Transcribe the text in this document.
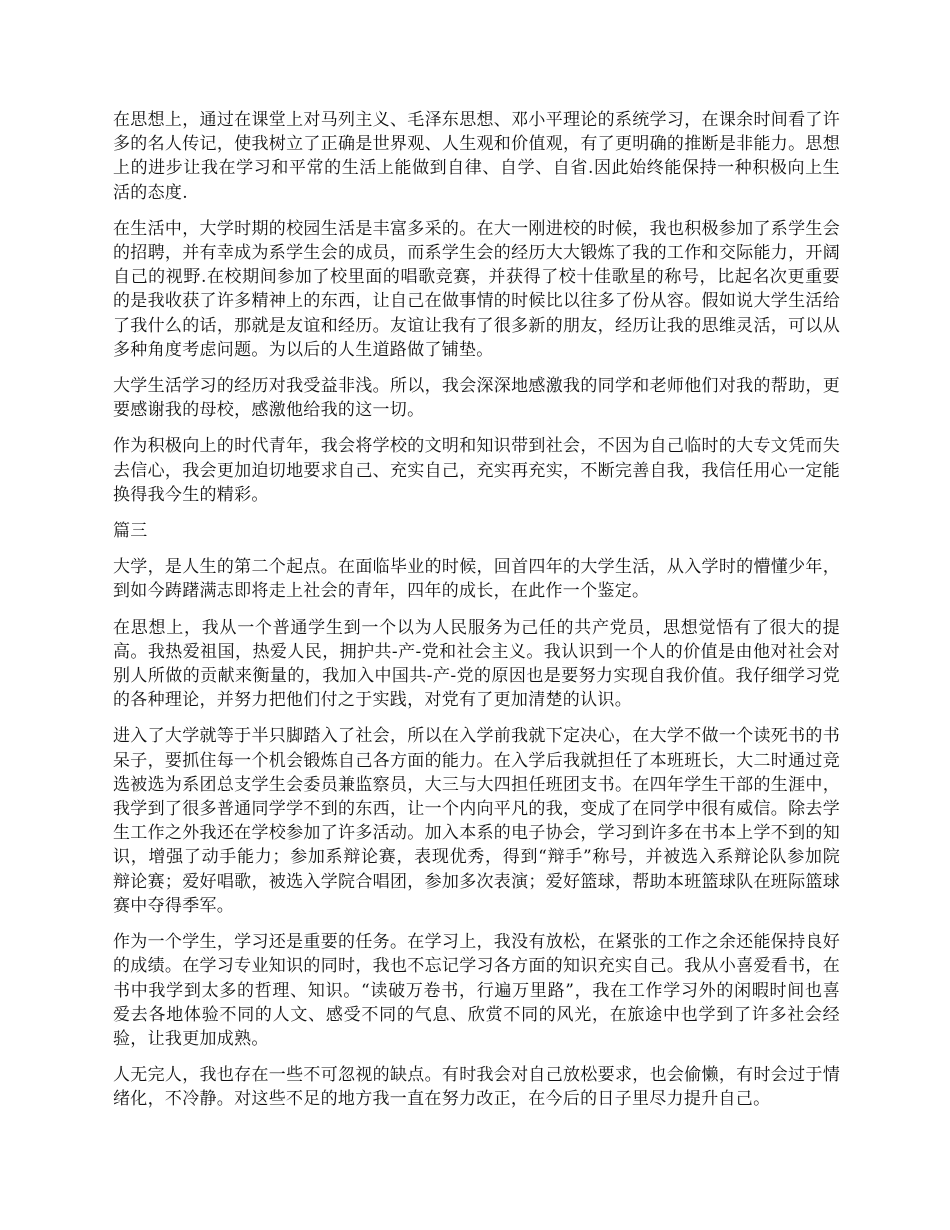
在思想上，通过在课堂上对马列主义、毛泽东思想、邓小平理论的系统学习，在课余时间看了许多的名人传记，使我树立了正确是世界观、人生观和价值观，有了更明确的推断是非能力。思想上的进步让我在学习和平常的生活上能做到自律、自学、自省.因此始终能保持一种积极向上生活的态度.

在生活中，大学时期的校园生活是丰富多采的。在大一刚进校的时候，我也积极参加了系学生会的招聘，并有幸成为系学生会的成员，而系学生会的经历大大锻炼了我的工作和交际能力，开阔自己的视野.在校期间参加了校里面的唱歌竞赛，并获得了校十佳歌星的称号，比起名次更重要的是我收获了许多精神上的东西，让自己在做事情的时候比以往多了份从容。假如说大学生活给了我什么的话，那就是友谊和经历。友谊让我有了很多新的朋友，经历让我的思维灵活，可以从多种角度考虑问题。为以后的人生道路做了铺垫。

大学生活学习的经历对我受益非浅。所以，我会深深地感激我的同学和老师他们对我的帮助，更要感谢我的母校，感激他给我的这一切。

作为积极向上的时代青年，我会将学校的文明和知识带到社会，不因为自己临时的大专文凭而失去信心，我会更加迫切地要求自己、充实自己，充实再充实，不断完善自我，我信任用心一定能换得我今生的精彩。

篇三

大学，是人生的第二个起点。在面临毕业的时候，回首四年的大学生活，从入学时的懵懂少年，到如今踌躇满志即将走上社会的青年，四年的成长，在此作一个鉴定。

在思想上，我从一个普通学生到一个以为人民服务为己任的共产党员，思想觉悟有了很大的提高。我热爱祖国，热爱人民，拥护共-产-党和社会主义。我认识到一个人的价值是由他对社会对别人所做的贡献来衡量的，我加入中国共-产-党的原因也是要努力实现自我价值。我仔细学习党的各种理论，并努力把他们付之于实践，对党有了更加清楚的认识。

进入了大学就等于半只脚踏入了社会，所以在入学前我就下定决心，在大学不做一个读死书的书呆子，要抓住每一个机会锻炼自己各方面的能力。在入学后我就担任了本班班长，大二时通过竞选被选为系团总支学生会委员兼监察员，大三与大四担任班团支书。在四年学生干部的生涯中，我学到了很多普通同学学不到的东西，让一个内向平凡的我，变成了在同学中很有威信。除去学生工作之外我还在学校参加了许多活动。加入本系的电子协会，学习到许多在书本上学不到的知识，增强了动手能力；参加系辩论赛，表现优秀，得到“辩手”称号，并被选入系辩论队参加院辩论赛；爱好唱歌，被选入学院合唱团，参加多次表演；爱好篮球，帮助本班篮球队在班际篮球赛中夺得季军。

作为一个学生，学习还是重要的任务。在学习上，我没有放松，在紧张的工作之余还能保持良好的成绩。在学习专业知识的同时，我也不忘记学习各方面的知识充实自己。我从小喜爱看书，在书中我学到太多的哲理、知识。“读破万卷书，行遍万里路”，我在工作学习外的闲暇时间也喜爱去各地体验不同的人文、感受不同的气息、欣赏不同的风光，在旅途中也学到了许多社会经验，让我更加成熟。

人无完人，我也存在一些不可忽视的缺点。有时我会对自己放松要求，也会偷懒，有时会过于情绪化，不冷静。对这些不足的地方我一直在努力改正，在今后的日子里尽力提升自己。
